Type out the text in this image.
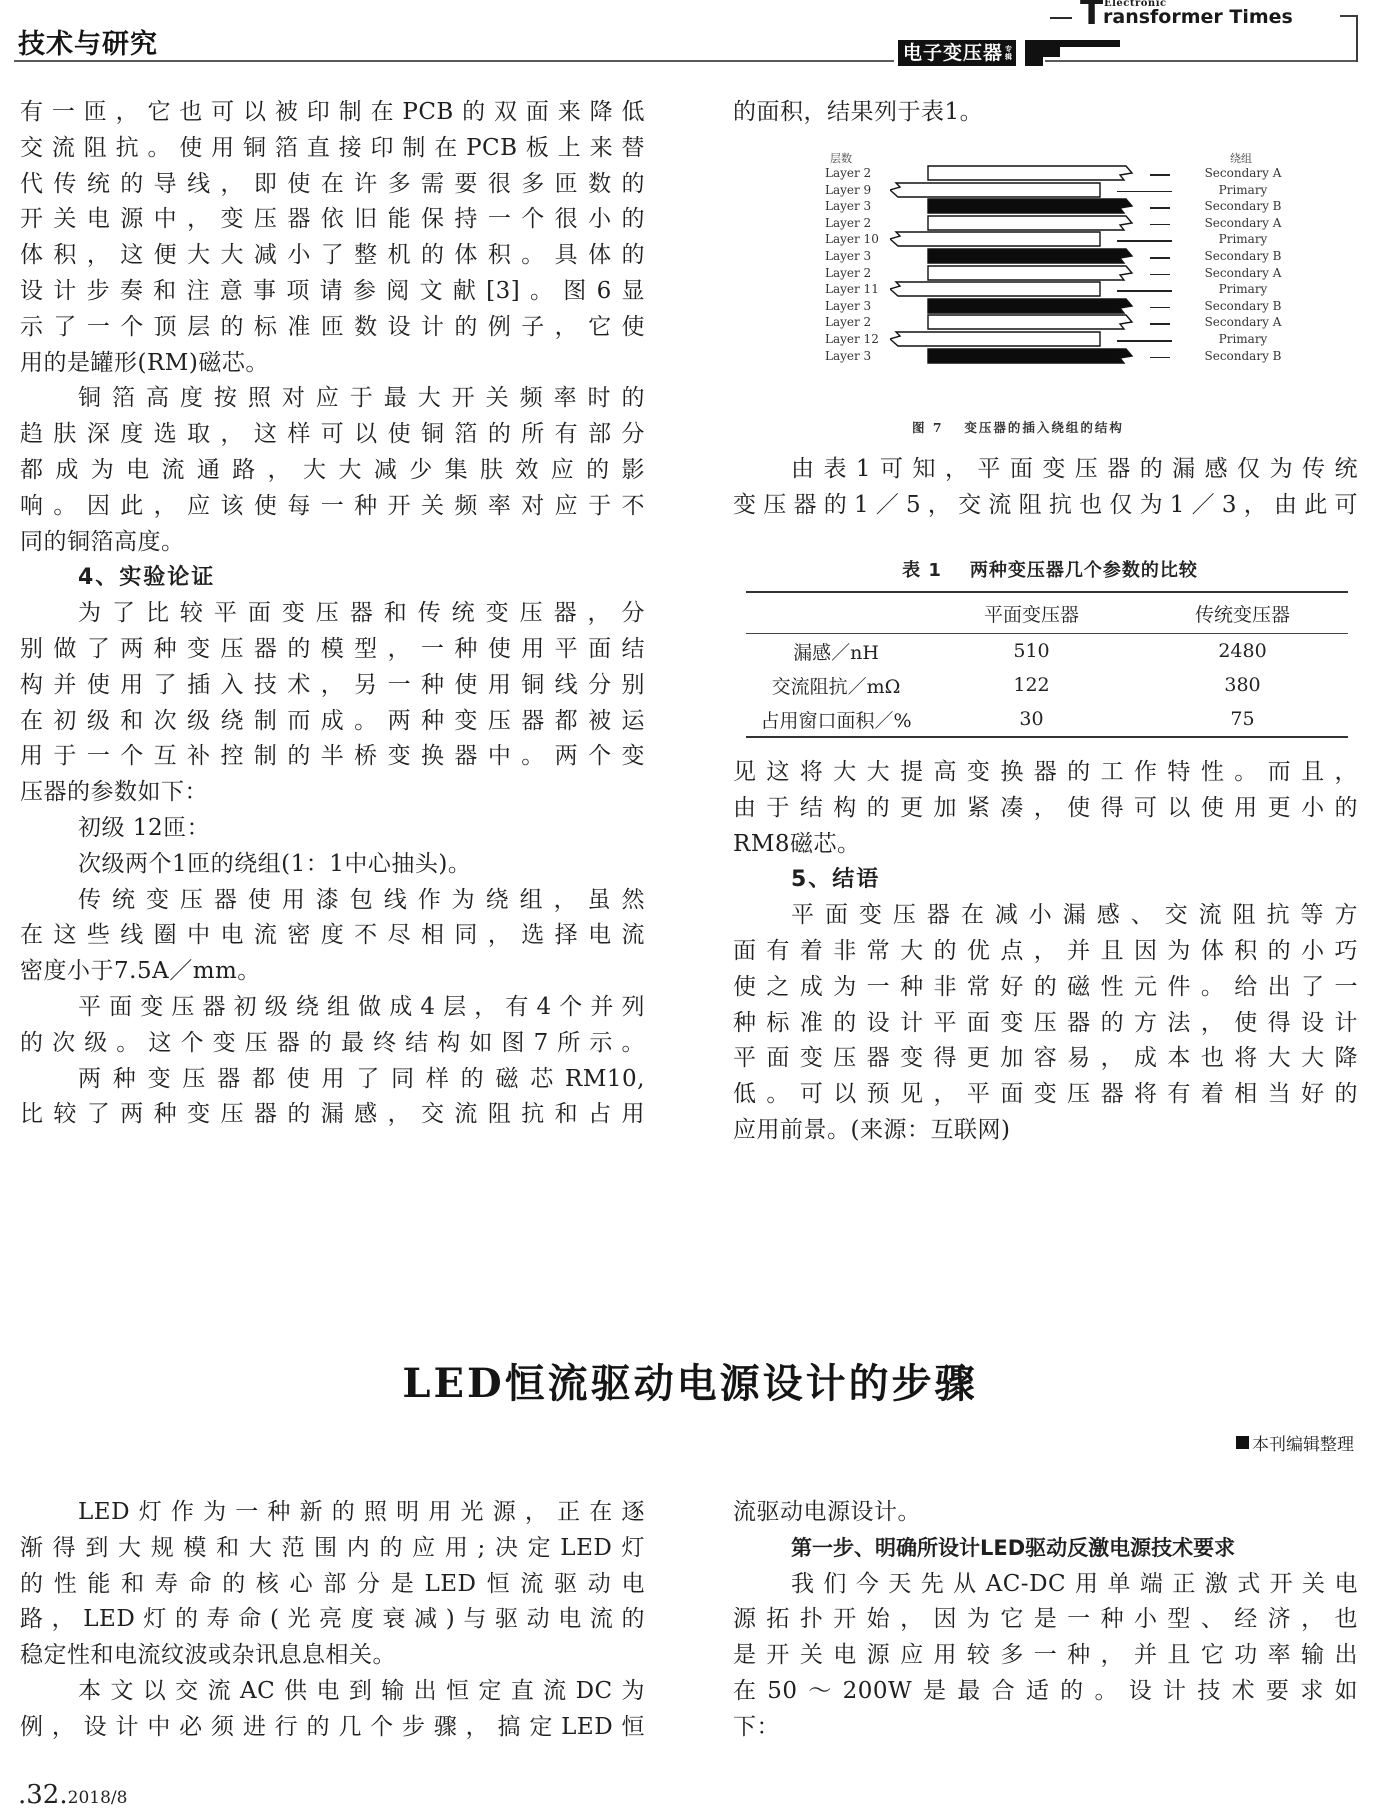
技术与研究
T Electronic
ransformer Times
电子变压器 专
辑
有一匝，它也可以被印制在PCB的双面来降低
交流阻抗。使用铜箔直接印制在PCB板上来替
代传统的导线，即使在许多需要很多匝数的
开关电源中，变压器依旧能保持一个很小的
体积，这便大大减小了整机的体积。具体的
设计步奏和注意事项请参阅文献[3]。图6显
示了一个顶层的标准匝数设计的例子，它使
用的是罐形(RM)磁芯。
铜箔高度按照对应于最大开关频率时的
趋肤深度选取，这样可以使铜箔的所有部分
都成为电流通路，大大减少集肤效应的影
响。因此，应该使每一种开关频率对应于不
同的铜箔高度。
4、实验论证
为了比较平面变压器和传统变压器，分
别做了两种变压器的模型，一种使用平面结
构并使用了插入技术，另一种使用铜线分别
在初级和次级绕制而成。两种变压器都被运
用于一个互补控制的半桥变换器中。两个变
压器的参数如下：
初级 12匝：
次级两个1匝的绕组(1：1中心抽头)。
传统变压器使用漆包线作为绕组，虽然
在这些线圈中电流密度不尽相同，选择电流
密度小于7.5A／mm。
平面变压器初级绕组做成4层，有4个并列
的次级。这个变压器的最终结构如图7所示。
两种变压器都使用了同样的磁芯RM10,
比较了两种变压器的漏感，交流阻抗和占用
的面积，结果列于表1。
层数	绕组
图 7　 变压器的插入绕组的结构
Layer 2	Secondary A
Layer 9	Primary
Layer 3	Secondary B
Layer 2	Secondary A
Layer 10	Primary
Layer 3	Secondary B
Layer 2	Secondary A
Layer 11	Primary
Layer 3	Secondary B
Layer 2	Secondary A
Layer 12	Primary
Layer 3	Secondary B
由表1可知，平面变压器的漏感仅为传统
变压器的1／5，交流阻抗也仅为1／3，由此可
表 1 两种变压器几个参数的比较
	平面变压器	传统变压器
漏感／nH	510	2480
交流阻抗／mΩ	122	380
占用窗口面积／%	30	75
见这将大大提高变换器的工作特性。而且，
由于结构的更加紧凑，使得可以使用更小的
RM8磁芯。
5、结语
平面变压器在减小漏感、交流阻抗等方
面有着非常大的优点，并且因为体积的小巧
使之成为一种非常好的磁性元件。给出了一
种标准的设计平面变压器的方法，使得设计
平面变压器变得更加容易，成本也将大大降
低。可以预见，平面变压器将有着相当好的
应用前景。(来源：互联网)
LED恒流驱动电源设计的步骤
本刊编辑整理
LED灯作为一种新的照明用光源，正在逐
渐得到大规模和大范围内的应用;决定LED灯
的性能和寿命的核心部分是LED恒流驱动电
路，LED灯的寿命(光亮度衰减)与驱动电流的
稳定性和电流纹波或杂讯息息相关。
本文以交流AC供电到输出恒定直流DC为
例，设计中必须进行的几个步骤，搞定LED恒
流驱动电源设计。
第一步、明确所设计LED驱动反激电源技术要求
我们今天先从AC-DC用单端正激式开关电
源拓扑开始，因为它是一种小型、经济，也
是开关电源应用较多一种，并且它功率输出
在50～200W是最合适的。设计技术要求如
下：
.32.2018/8
